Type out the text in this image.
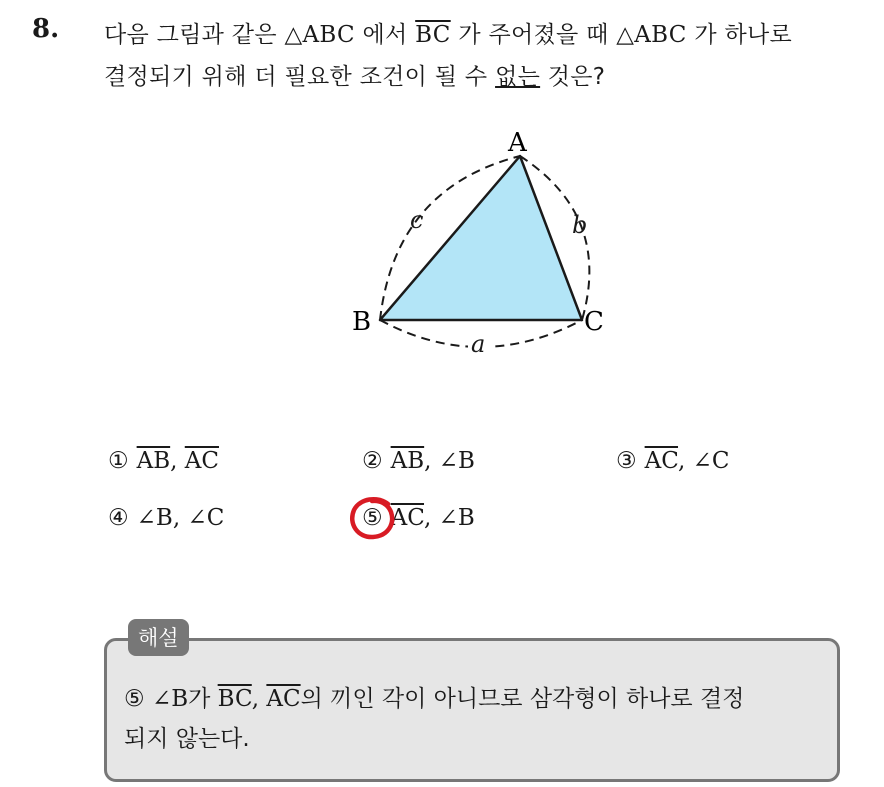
8. 다음 그림과 같은 △ABC 에서 $\overline{BC}$ 가 주어졌을 때 △ABC 가 하나로
결정되기 위해 더 필요한 조건이 될 수 없는 것은?
A
B	C
c	b
a
① $\overline{AB}$, $\overline{AC}$	② $\overline{AB}$, ∠B	③ $\overline{AC}$, ∠C
④ ∠B, ∠C	⑤ $\overline{AC}$, ∠B
해설
⑤ ∠B가 $\overline{BC}$, $\overline{AC}$의 끼인 각이 아니므로 삼각형이 하나로 결정
되지 않는다.
